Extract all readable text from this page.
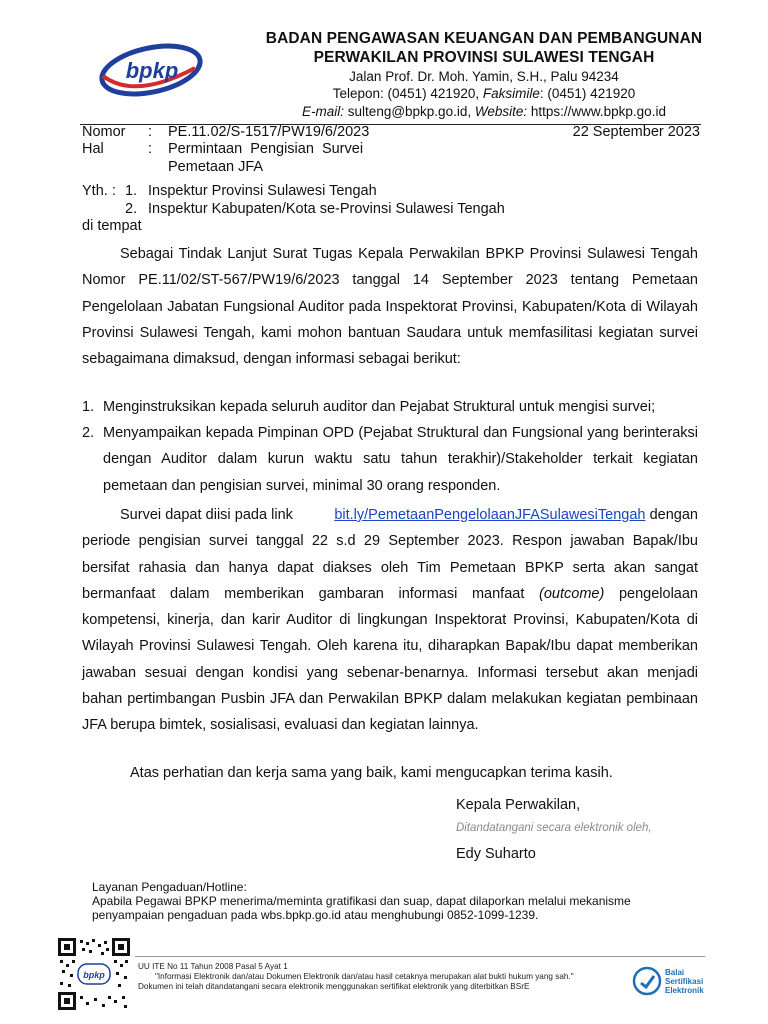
bpkp
BADAN PENGAWASAN KEUANGAN DAN PEMBANGUNAN
PERWAKILAN PROVINSI SULAWESI TENGAH
Jalan Prof. Dr. Moh. Yamin, S.H., Palu 94234
Telepon: (0451) 421920, Faksimile: (0451) 421920
E-mail: sulteng@bpkp.go.id, Website: https://www.bpkp.go.id
Nomor : PE.11.02/S-1517/PW19/6/2023	22 September 2023
Hal	: Permintaan  Pengisian  Survei
Pemetaan JFA
Yth. : 1. Inspektur Provinsi Sulawesi Tengah
2. Inspektur Kabupaten/Kota se-Provinsi Sulawesi Tengah
di tempat
Sebagai Tindak Lanjut Surat Tugas Kepala Perwakilan BPKP Provinsi Sulawesi Tengah Nomor PE.11/02/ST-567/PW19/6/2023 tanggal 14 September 2023 tentang Pemetaan Pengelolaan Jabatan Fungsional Auditor pada Inspektorat Provinsi, Kabupaten/Kota di Wilayah Provinsi Sulawesi Tengah, kami mohon bantuan Saudara untuk memfasilitasi kegiatan survei sebagaimana dimaksud, dengan informasi sebagai berikut:
1. Menginstruksikan kepada seluruh auditor dan Pejabat Struktural untuk mengisi survei;
2. Menyampaikan kepada Pimpinan OPD (Pejabat Struktural dan Fungsional yang berinteraksi dengan Auditor dalam kurun waktu satu tahun terakhir)/Stakeholder terkait kegiatan pemetaan dan pengisian survei, minimal 30 orang responden.
Survei dapat diisi pada link	bit.ly/PemetaanPengelolaanJFASulawesiTengah dengan periode pengisian survei tanggal 22 s.d 29 September 2023. Respon jawaban Bapak/Ibu bersifat rahasia dan hanya dapat diakses oleh Tim Pemetaan BPKP serta akan sangat bermanfaat dalam memberikan gambaran informasi manfaat (outcome) pengelolaan kompetensi, kinerja, dan karir Auditor di lingkungan Inspektorat Provinsi, Kabupaten/Kota di Wilayah Provinsi Sulawesi Tengah. Oleh karena itu, diharapkan Bapak/Ibu dapat memberikan jawaban sesuai dengan kondisi yang sebenar-benarnya. Informasi tersebut akan menjadi bahan pertimbangan Pusbin JFA dan Perwakilan BPKP dalam melakukan kegiatan pembinaan JFA berupa bimtek, sosialisasi, evaluasi dan kegiatan lainnya.
Atas perhatian dan kerja sama yang baik, kami mengucapkan terima kasih.
Kepala Perwakilan,
Ditandatangani secara elektronik oleh,
Edy Suharto
Layanan Pengaduan/Hotline:
Apabila Pegawai BPKP menerima/meminta gratifikasi dan suap, dapat dilaporkan melalui mekanisme
penyampaian pengaduan pada wbs.bpkp.go.id atau menghubungi 0852-1099-1239.
bpkp
UU ITE No 11 Tahun 2008 Pasal 5 Ayat 1
"Informasi Elektronik dan/atau Dokumen Elektronik dan/atau hasil cetaknya merupakan alat bukti hukum yang sah."
Dokumen ini telah ditandatangani secara elektronik menggunakan sertifikat elektronik yang diterbitkan BSrE
Balai
Sertifikasi
Elektronik
